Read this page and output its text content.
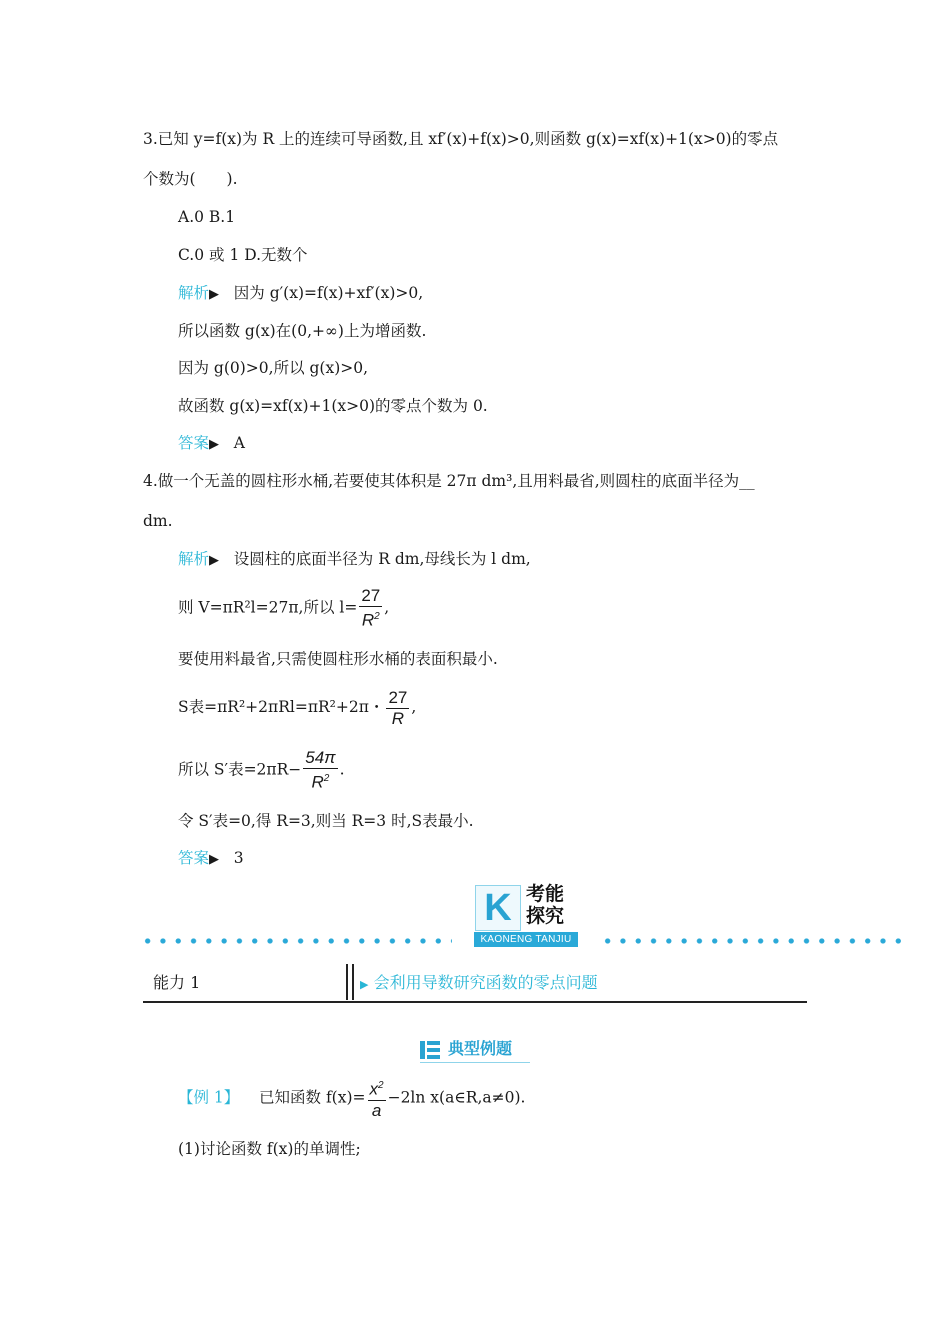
3.已知 y=f(x)为 R 上的连续可导函数,且 xf′(x)+f(x)>0,则函数 g(x)=xf(x)+1(x>0)的零点
个数为(　　).
A.0 B.1
C.0 或 1 D.无数个
解析▶ 因为 g′(x)=f(x)+xf′(x)>0,
所以函数 g(x)在(0,+∞)上为增函数.
因为 g(0)>0,所以 g(x)>0,
故函数 g(x)=xf(x)+1(x>0)的零点个数为 0.
答案▶ A
4.做一个无盖的圆柱形水桶,若要使其体积是 27π dm³,且用料最省,则圆柱的底面半径为__
dm.
解析▶ 设圆柱的底面半径为 R dm,母线长为 l dm,
则 V=πR²l=27π,所以 $l= \frac{27}{R^2}$ ,
要使用料最省,只需使圆柱形水桶的表面积最小.
S表=πR²+2πRl=πR²+2π・ $\frac{27}{R}$ ,
所以 S′表$=2\pi R- \frac{54\pi}{R^2}$ .
令 S′表=0,得 R=3,则当 R=3 时,S表最小.
答案▶ 3
K 考能
探究
KAONENG TANJIU
能力 1	▶ 会利用导数研究函数的零点问题
典型例题
【例 1】 已知函数 $f(x)= \frac{x^2}{a} -2\ln$ x(a∈R,a≠0).
(1)讨论函数 f(x)的单调性;
